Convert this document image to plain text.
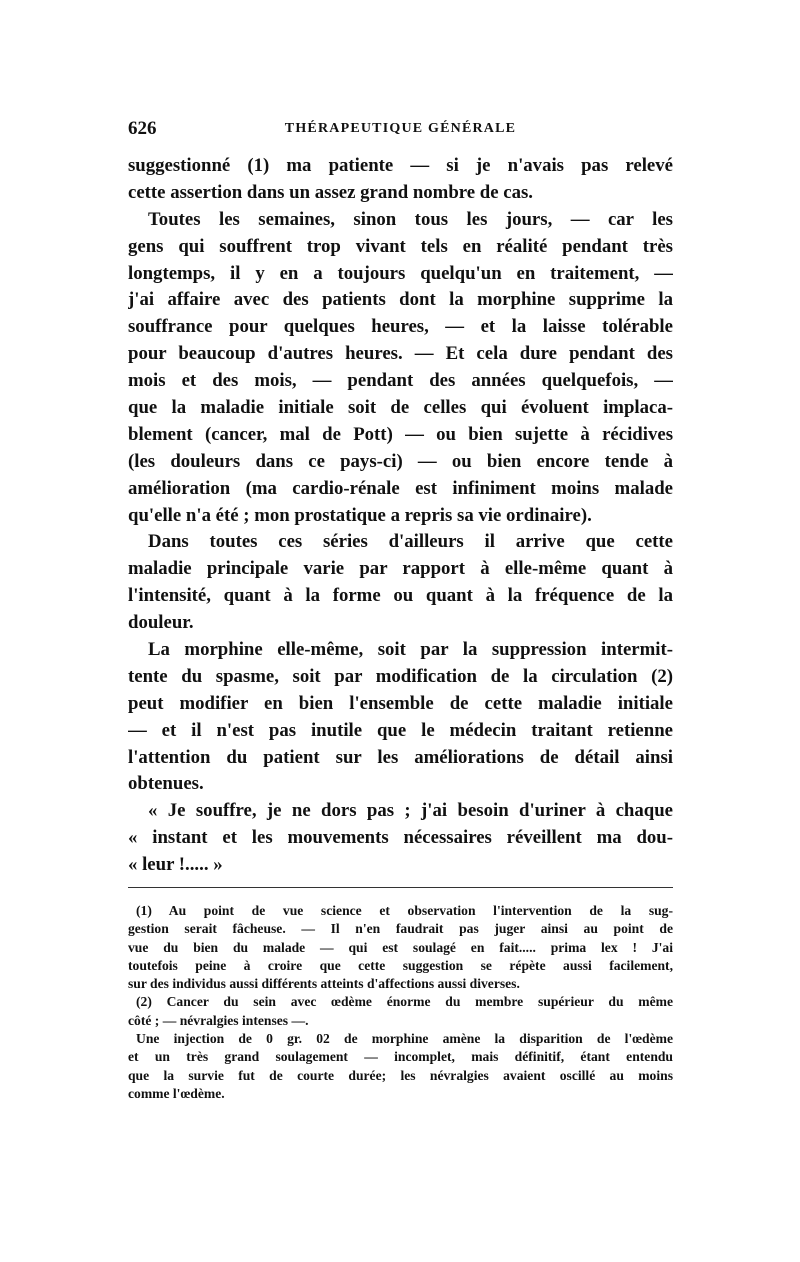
626	THÉRAPEUTIQUE GÉNÉRALE
suggestionné (1) ma patiente — si je n'avais pas relevé
cette assertion dans un assez grand nombre de cas.
Toutes les semaines, sinon tous les jours, — car les
gens qui souffrent trop vivant tels en réalité pendant très
longtemps, il y en a toujours quelqu'un en traitement, —
j'ai affaire avec des patients dont la morphine supprime la
souffrance pour quelques heures, — et la laisse tolérable
pour beaucoup d'autres heures. — Et cela dure pendant des
mois et des mois, — pendant des années quelquefois, —
que la maladie initiale soit de celles qui évoluent implaca-
blement (cancer, mal de Pott) — ou bien sujette à récidives
(les douleurs dans ce pays-ci) — ou bien encore tende à
amélioration (ma cardio-rénale est infiniment moins malade
qu'elle n'a été ; mon prostatique a repris sa vie ordinaire).
Dans toutes ces séries d'ailleurs il arrive que cette
maladie principale varie par rapport à elle-même quant à
l'intensité, quant à la forme ou quant à la fréquence de la
douleur.
La morphine elle-même, soit par la suppression intermit-
tente du spasme, soit par modification de la circulation (2)
peut modifier en bien l'ensemble de cette maladie initiale
— et il n'est pas inutile que le médecin traitant retienne
l'attention du patient sur les améliorations de détail ainsi
obtenues.
« Je souffre, je ne dors pas ; j'ai besoin d'uriner à chaque
« instant et les mouvements nécessaires réveillent ma dou-
« leur !..... »
(1) Au point de vue science et observation l'intervention de la sug-
gestion serait fâcheuse. — Il n'en faudrait pas juger ainsi au point de
vue du bien du malade — qui est soulagé en fait..... prima lex ! J'ai
toutefois peine à croire que cette suggestion se répète aussi facilement,
sur des individus aussi différents atteints d'affections aussi diverses.
(2) Cancer du sein avec œdème énorme du membre supérieur du même
côté ; — névralgies intenses —.
Une injection de 0 gr. 02 de morphine amène la disparition de l'œdème
et un très grand soulagement — incomplet, mais définitif, étant entendu
que la survie fut de courte durée; les névralgies avaient oscillé au moins
comme l'œdème.
